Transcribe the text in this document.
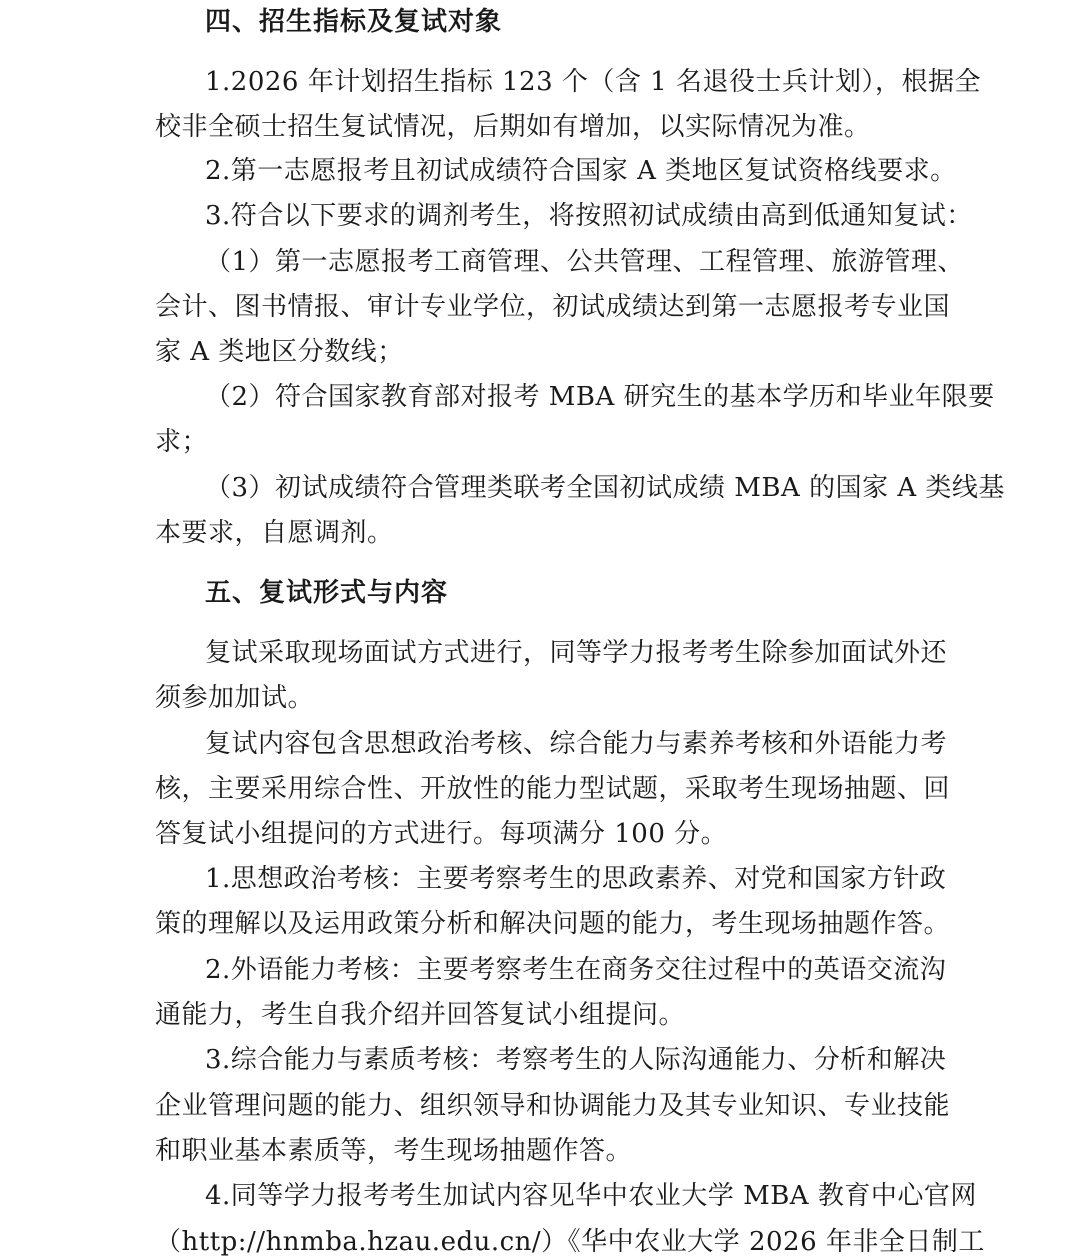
四、招生指标及复试对象
1.2026 年计划招生指标 123 个（含 1 名退役士兵计划），根据全
校非全硕士招生复试情况，后期如有增加，以实际情况为准。
2.第一志愿报考且初试成绩符合国家 A 类地区复试资格线要求。
3.符合以下要求的调剂考生，将按照初试成绩由高到低通知复试：
（1）第一志愿报考工商管理、公共管理、工程管理、旅游管理、
会计、图书情报、审计专业学位，初试成绩达到第一志愿报考专业国
家 A 类地区分数线；
（2）符合国家教育部对报考 MBA 研究生的基本学历和毕业年限要
求；
（3）初试成绩符合管理类联考全国初试成绩 MBA 的国家 A 类线基
本要求，自愿调剂。
五、复试形式与内容
复试采取现场面试方式进行，同等学力报考考生除参加面试外还
须参加加试。
复试内容包含思想政治考核、综合能力与素养考核和外语能力考
核，主要采用综合性、开放性的能力型试题，采取考生现场抽题、回
答复试小组提问的方式进行。每项满分 100 分。
1.思想政治考核：主要考察考生的思政素养、对党和国家方针政
策的理解以及运用政策分析和解决问题的能力，考生现场抽题作答。
2.外语能力考核：主要考察考生在商务交往过程中的英语交流沟
通能力，考生自我介绍并回答复试小组提问。
3.综合能力与素质考核：考察考生的人际沟通能力、分析和解决
企业管理问题的能力、组织领导和协调能力及其专业知识、专业技能
和职业基本素质等，考生现场抽题作答。
4.同等学力报考考生加试内容见华中农业大学 MBA 教育中心官网
（http://hnmba.hzau.edu.cn/）《华中农业大学 2026 年非全日制工
